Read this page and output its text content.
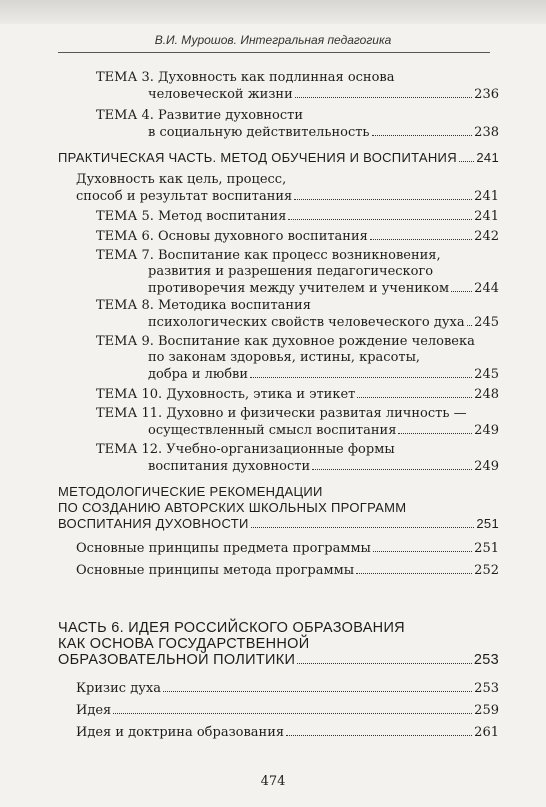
В.И. Мурошов. Интегральная педагогика
ТЕМА 3. Духовность как подлинная основа
человеческой жизни	236
ТЕМА 4. Развитие духовности
в социальную действительность	238
ПРАКТИЧЕСКАЯ ЧАСТЬ. МЕТОД ОБУЧЕНИЯ И ВОСПИТАНИЯ 241
Духовность как цель, процесс,
способ и результат воспитания	241
ТЕМА 5. Метод воспитания	241
ТЕМА 6. Основы духовного воспитания	242
ТЕМА 7. Воспитание как процесс возникновения,
развития и разрешения педагогического
противоречия между учителем и учеником 244
ТЕМА 8. Методика воспитания
психологических свойств человеческого духа 245
ТЕМА 9. Воспитание как духовное рождение человека
по законам здоровья, истины, красоты,
добра и любви	245
ТЕМА 10. Духовность, этика и этикет	248
ТЕМА 11. Духовно и физически развитая личность —
осуществленный смысл воспитания	249
ТЕМА 12. Учебно-организационные формы
воспитания духовности	249
МЕТОДОЛОГИЧЕСКИЕ РЕКОМЕНДАЦИИ
ПО СОЗДАНИЮ АВТОРСКИХ ШКОЛЬНЫХ ПРОГРАММ
ВОСПИТАНИЯ ДУХОВНОСТИ	251
Основные принципы предмета программы	251
Основные принципы метода программы	252
ЧАСТЬ 6. ИДЕЯ РОССИЙСКОГО ОБРАЗОВАНИЯ
КАК ОСНОВА ГОСУДАРСТВЕННОЙ
ОБРАЗОВАТЕЛЬНОЙ ПОЛИТИКИ	253
Кризис духа	253
Идея	259
Идея и доктрина образования	261
474
